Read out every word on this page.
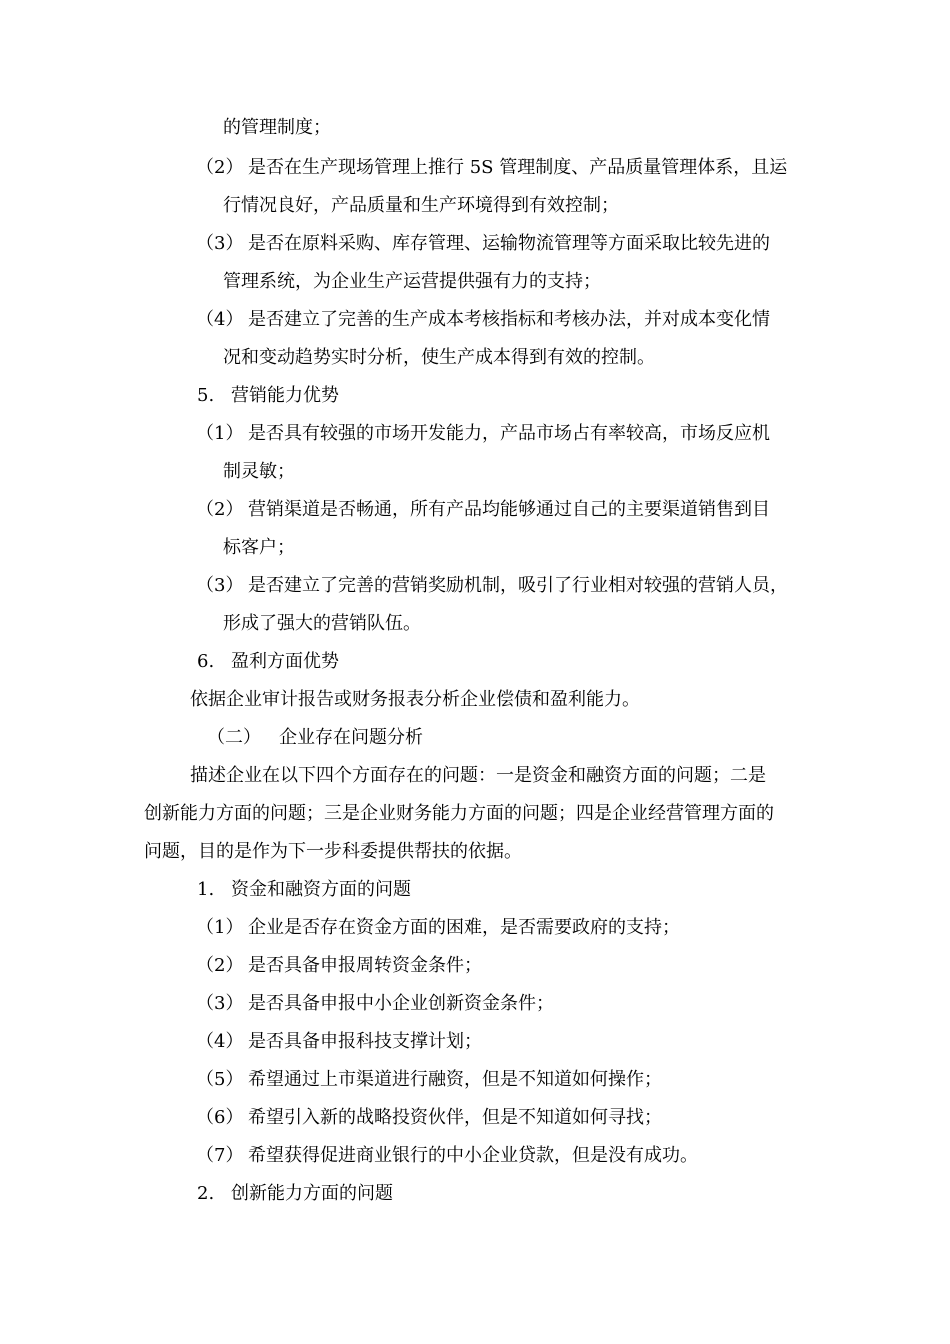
的管理制度；
（2） 是否在生产现场管理上推行 5S 管理制度、产品质量管理体系，且运
行情况良好，产品质量和生产环境得到有效控制；
（3） 是否在原料采购、库存管理、运输物流管理等方面采取比较先进的
管理系统，为企业生产运营提供强有力的支持；
（4） 是否建立了完善的生产成本考核指标和考核办法，并对成本变化情
况和变动趋势实时分析，使生产成本得到有效的控制。
5. 营销能力优势
（1） 是否具有较强的市场开发能力，产品市场占有率较高，市场反应机
制灵敏；
（2） 营销渠道是否畅通，所有产品均能够通过自己的主要渠道销售到目
标客户；
（3） 是否建立了完善的营销奖励机制，吸引了行业相对较强的营销人员，
形成了强大的营销队伍。
6. 盈利方面优势
依据企业审计报告或财务报表分析企业偿债和盈利能力。
（二） 企业存在问题分析
描述企业在以下四个方面存在的问题：一是资金和融资方面的问题；二是
创新能力方面的问题；三是企业财务能力方面的问题；四是企业经营管理方面的
问题，目的是作为下一步科委提供帮扶的依据。
1. 资金和融资方面的问题
（1） 企业是否存在资金方面的困难，是否需要政府的支持；
（2） 是否具备申报周转资金条件；
（3） 是否具备申报中小企业创新资金条件；
（4） 是否具备申报科技支撑计划；
（5） 希望通过上市渠道进行融资，但是不知道如何操作；
（6） 希望引入新的战略投资伙伴，但是不知道如何寻找；
（7） 希望获得促进商业银行的中小企业贷款，但是没有成功。
2. 创新能力方面的问题
